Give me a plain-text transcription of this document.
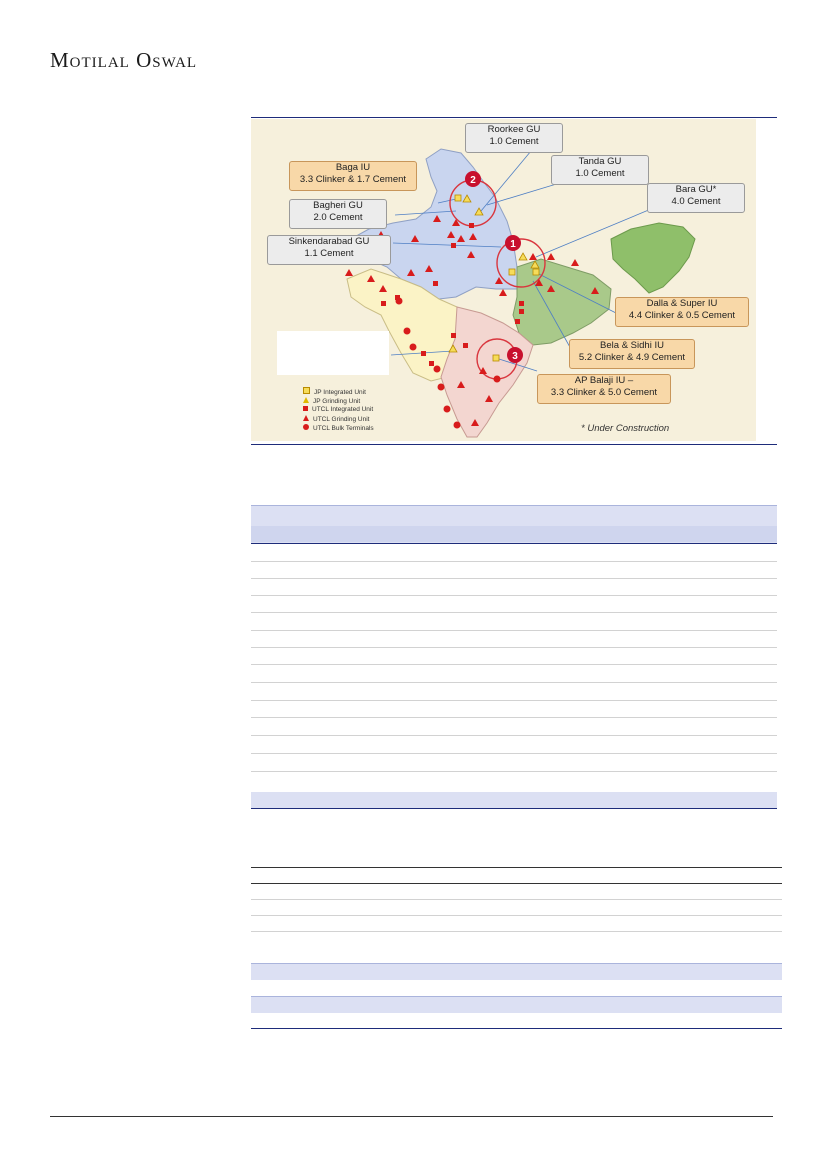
Motilal Oswal
2
1
3
Roorkee GU
1.0 Cement
Tanda GU
1.0 Cement
Baga IU
3.3 Clinker & 1.7 Cement
Bara GU*
4.0 Cement
Bagheri GU
2.0 Cement
Sinkendarabad GU
1.1 Cement
Dalla & Super IU
4.4 Clinker & 0.5 Cement
Bela & Sidhi IU
5.2 Clinker & 4.9 Cement
AP Balaji IU –
3.3 Clinker & 5.0 Cement
JP Integrated Unit
JP Grinding Unit
UTCL Integrated Unit
UTCL Grinding Unit
UTCL Bulk Terminals	* Under Construction
